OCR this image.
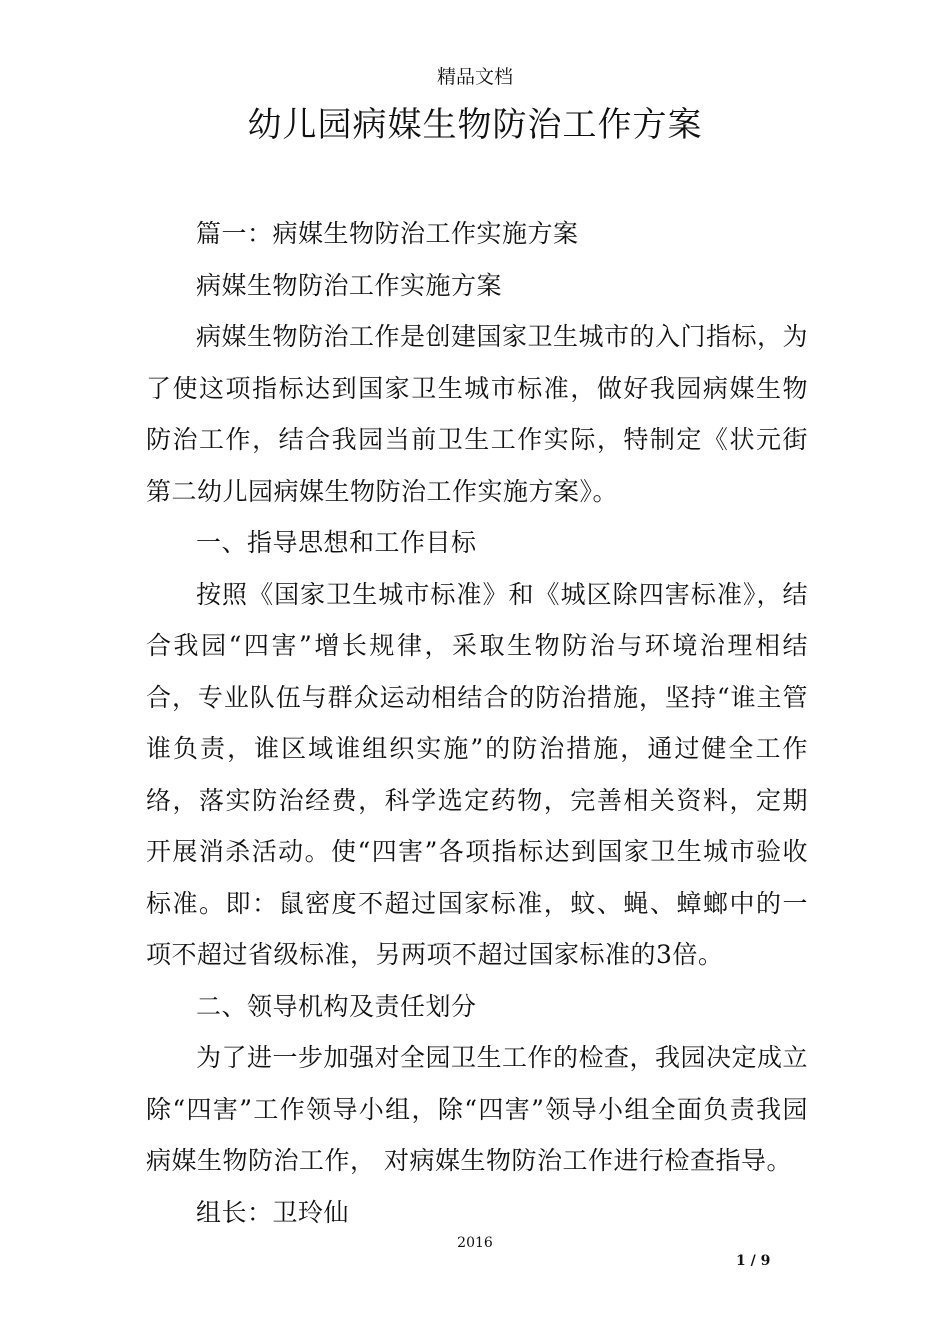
精品文档
幼儿园病媒生物防治工作方案

篇一：病媒生物防治工作实施方案

病媒生物防治工作实施方案

病媒生物防治工作是创建国家卫生城市的入门指标，为了使这项指标达到国家卫生城市标准，做好我园病媒生物防治工作，结合我园当前卫生工作实际，特制定《状元街第二幼儿园病媒生物防治工作实施方案》。

一、指导思想和工作目标

按照《国家卫生城市标准》和《城区除四害标准》，结合我园“四害”增长规律，采取生物防治与环境治理相结合，专业队伍与群众运动相结合的防治措施，坚持“谁主管谁负责，谁区域谁组织实施”的防治措施，通过健全工作络，落实防治经费，科学选定药物，完善相关资料，定期开展消杀活动。使“四害”各项指标达到国家卫生城市验收标准。即：鼠密度不超过国家标准，蚊、蝇、蟑螂中的一项不超过省级标准，另两项不超过国家标准的3倍。

二、领导机构及责任划分

为了进一步加强对全园卫生工作的检查，我园决定成立除“四害”工作领导小组，除“四害”领导小组全面负责我园病媒生物防治工作， 对病媒生物防治工作进行检查指导。

组长：卫玲仙

2016
1 / 9
